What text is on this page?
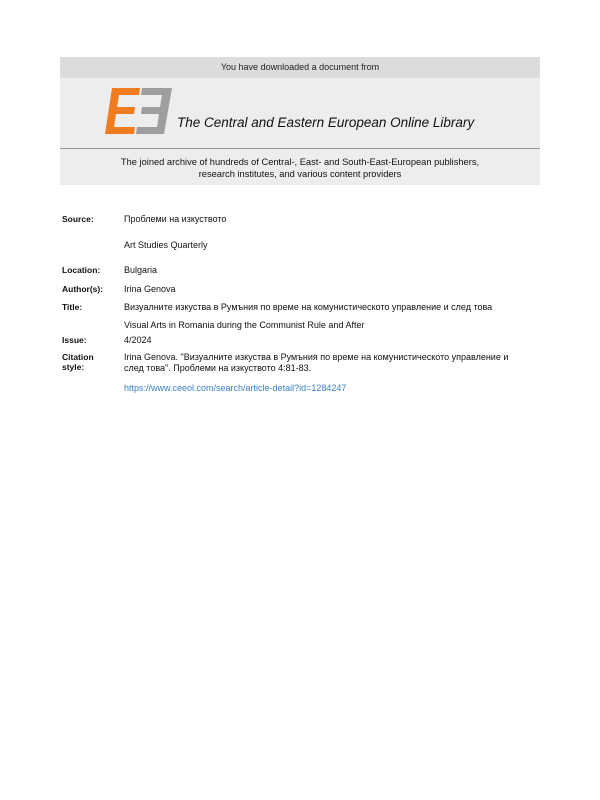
You have downloaded a document from
The Central and Eastern European Online Library
The joined archive of hundreds of Central-, East- and South-East-European publishers,
research institutes, and various content providers
Source:	Проблеми на изкуството
Art Studies Quarterly
Location:	Bulgaria
Author(s): Irina Genova
Title:	Визуалните изкуства в Румъния по време на комунистическото управление и след това
Visual Arts in Romania during the Communist Rule and After
Issue:	4/2024
Citation
style:
Irina Genova. "Визуалните изкуства в Румъния по време на комунистическото управление и след това". Проблеми на изкуството 4:81-83.
https://www.ceeol.com/search/article-detail?id=1284247
